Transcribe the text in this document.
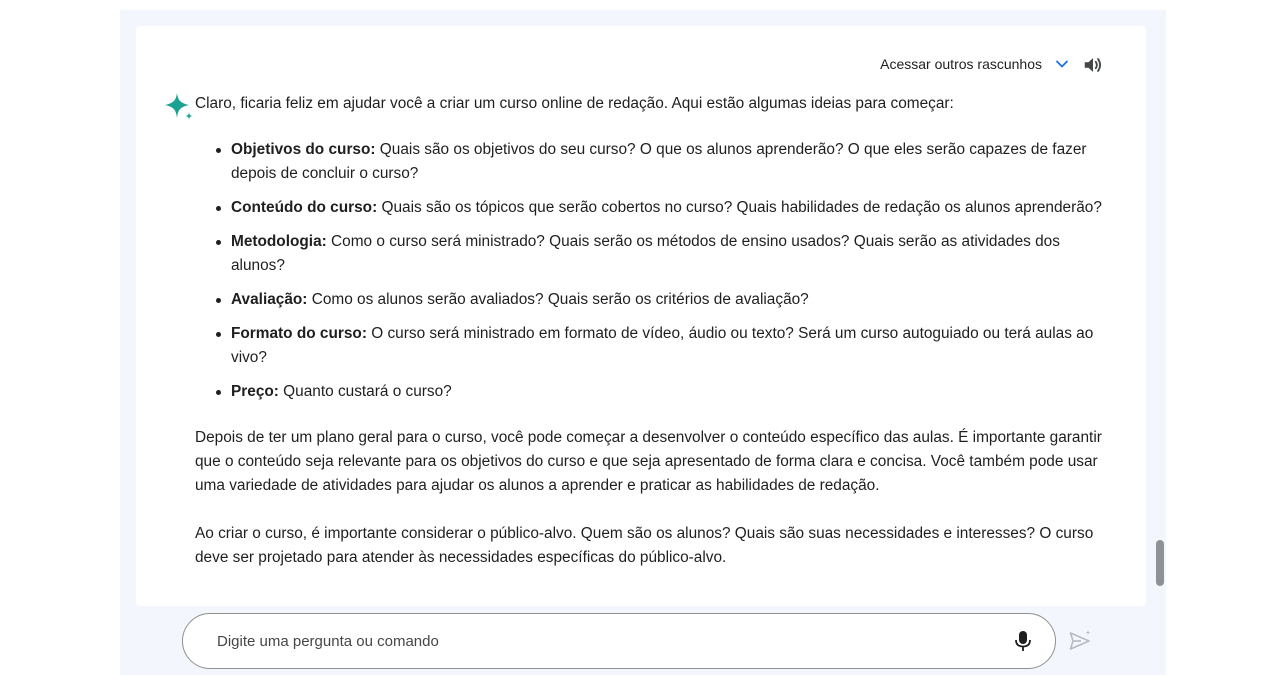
Acessar outros rascunhos

Claro, ficaria feliz em ajudar você a criar um curso online de redação. Aqui estão algumas ideias para começar:

Objetivos do curso: Quais são os objetivos do seu curso? O que os alunos aprenderão? O que eles serão capazes de fazer depois de concluir o curso?
Conteúdo do curso: Quais são os tópicos que serão cobertos no curso? Quais habilidades de redação os alunos aprenderão?
Metodologia: Como o curso será ministrado? Quais serão os métodos de ensino usados? Quais serão as atividades dos alunos?
Avaliação: Como os alunos serão avaliados? Quais serão os critérios de avaliação?
Formato do curso: O curso será ministrado em formato de vídeo, áudio ou texto? Será um curso autoguiado ou terá aulas ao vivo?
Preço: Quanto custará o curso?

Depois de ter um plano geral para o curso, você pode começar a desenvolver o conteúdo específico das aulas. É importante garantir que o conteúdo seja relevante para os objetivos do curso e que seja apresentado de forma clara e concisa. Você também pode usar uma variedade de atividades para ajudar os alunos a aprender e praticar as habilidades de redação.

Ao criar o curso, é importante considerar o público-alvo. Quem são os alunos? Quais são suas necessidades e interesses? O curso deve ser projetado para atender às necessidades específicas do público-alvo.

Digite uma pergunta ou comando
